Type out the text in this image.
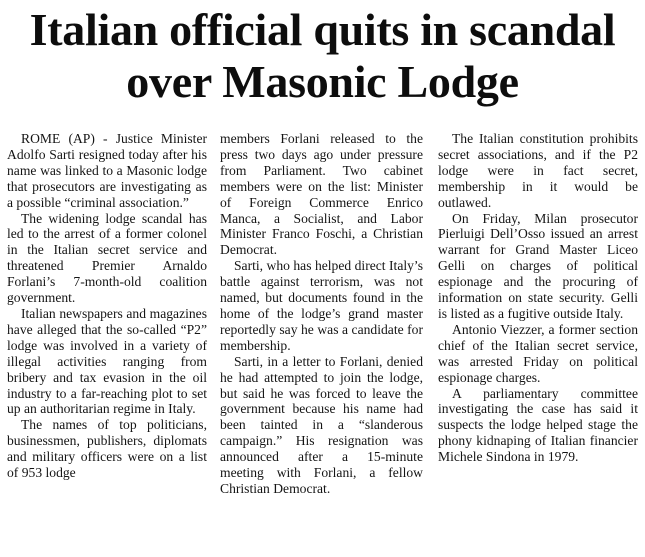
Italian official quits in scandal
over Masonic Lodge

ROME (AP) - Justice Minister Adolfo Sarti resigned today after his name was linked to a Masonic lodge that prosecutors are investigating as a possible “criminal association.”

The widening lodge scandal has led to the arrest of a former colonel in the Italian secret service and threatened Premier Arnaldo Forlani’s 7-month-old coalition government.

Italian newspapers and magazines have alleged that the so-called “P2” lodge was involved in a variety of illegal activities ranging from bribery and tax evasion in the oil industry to a far-reaching plot to set up an authoritarian regime in Italy.

The names of top politicians, businessmen, publishers, diplomats and military officers were on a list of 953 lodge

members Forlani released to the press two days ago under pressure from Parliament. Two cabinet members were on the list: Minister of Foreign Commerce Enrico Manca, a Socialist, and Labor Minister Franco Foschi, a Christian Democrat.

Sarti, who has helped direct Italy’s battle against terrorism, was not named, but documents found in the home of the lodge’s grand master reportedly say he was a candidate for membership.

Sarti, in a letter to Forlani, denied he had attempted to join the lodge, but said he was forced to leave the government because his name had been tainted in a “slanderous campaign.” His resignation was announced after a 15-minute meeting with Forlani, a fellow Christian Democrat.

The Italian constitution prohibits secret associations, and if the P2 lodge were in fact secret, membership in it would be outlawed.

On Friday, Milan prosecutor Pierluigi Dell’Osso issued an arrest warrant for Grand Master Liceo Gelli on charges of political espionage and the procuring of information on state security. Gelli is listed as a fugitive outside Italy.

Antonio Viezzer, a former section chief of the Italian secret service, was arrested Friday on political espionage charges.

A parliamentary committee investigating the case has said it suspects the lodge helped stage the phony kidnaping of Italian financier Michele Sindona in 1979.
